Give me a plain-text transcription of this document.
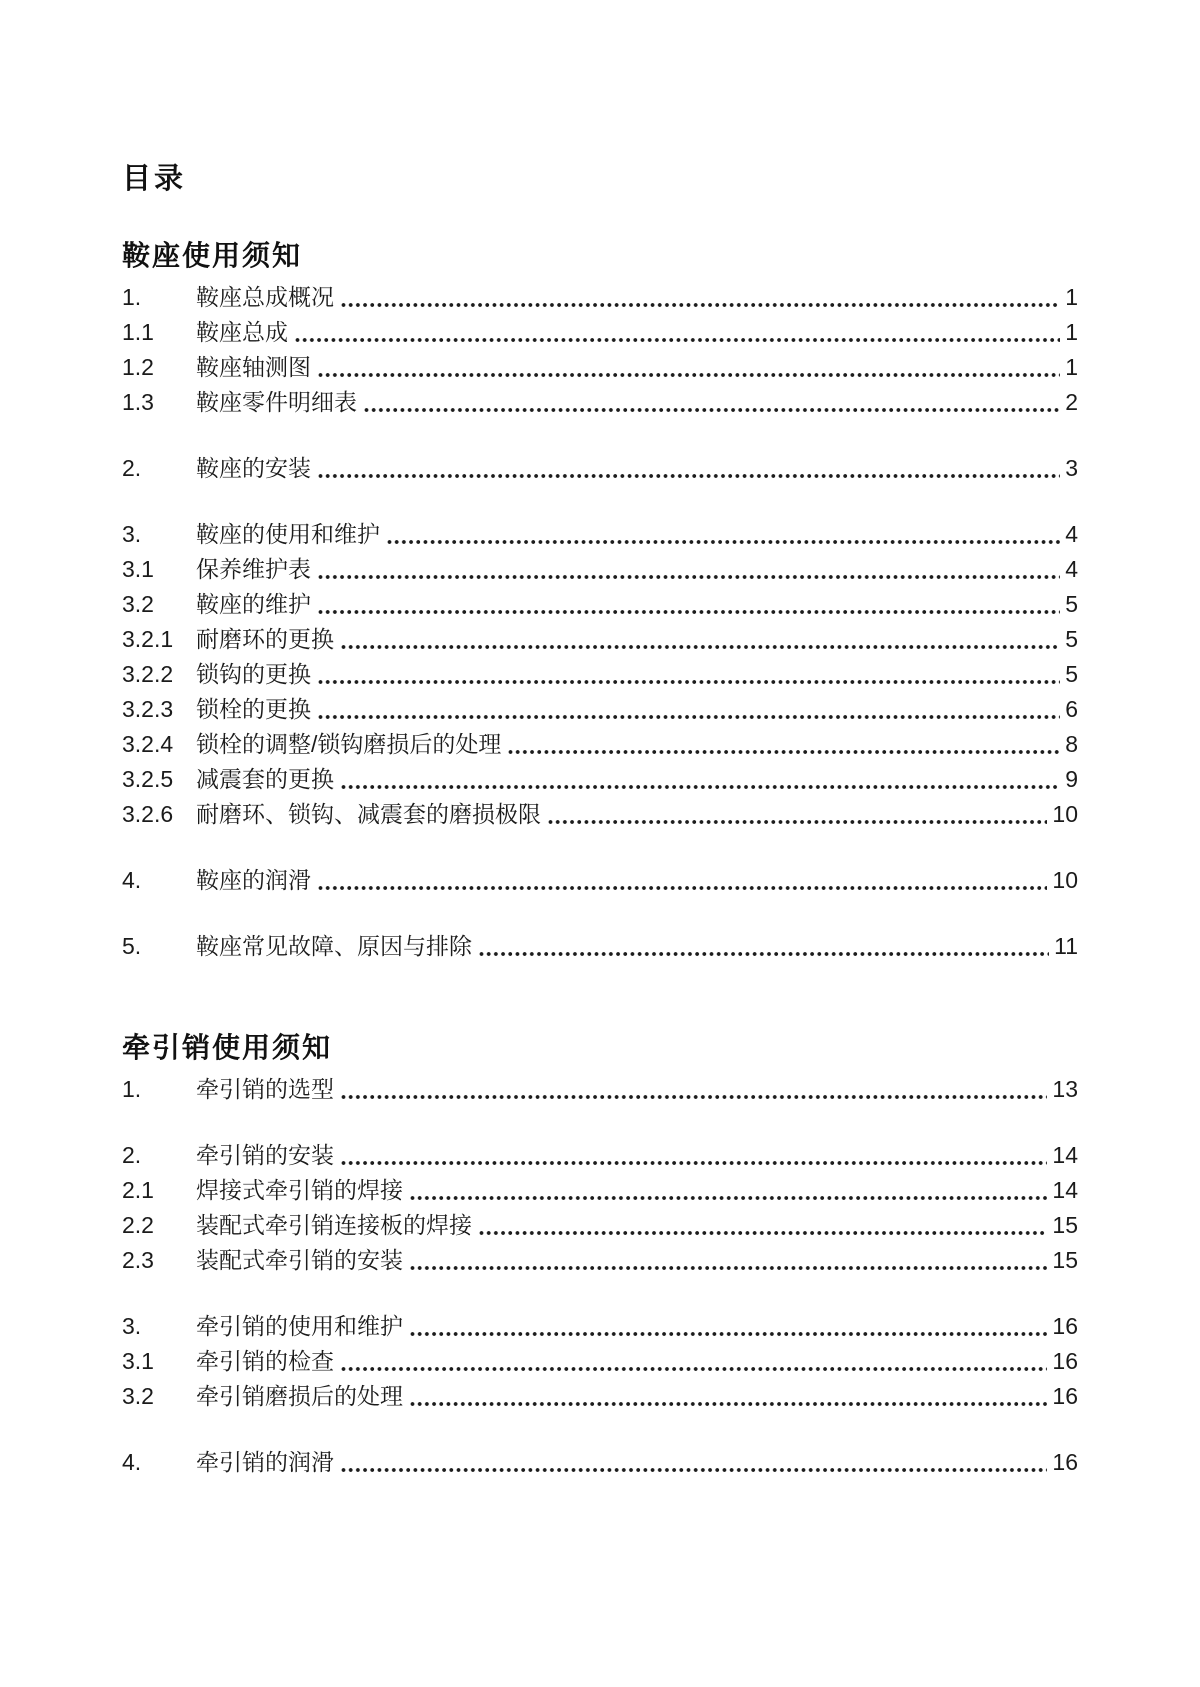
目录
鞍座使用须知
1.	鞍座总成概况	1
1.1	鞍座总成	1
1.2	鞍座轴测图	1
1.3	鞍座零件明细表	2
2.	鞍座的安装	3
3.	鞍座的使用和维护	4
3.1	保养维护表	4
3.2	鞍座的维护	5
3.2.1 耐磨环的更换	5
3.2.2 锁钩的更换	5
3.2.3 锁栓的更换	6
3.2.4 锁栓的调整/锁钩磨损后的处理	8
3.2.5 减震套的更换	9
3.2.6 耐磨环、锁钩、减震套的磨损极限	10
4.	鞍座的润滑	10
5.	鞍座常见故障、原因与排除	11
牵引销使用须知
1.	牵引销的选型	13
2.	牵引销的安装	14
2.1	焊接式牵引销的焊接	14
2.2	装配式牵引销连接板的焊接	15
2.3	装配式牵引销的安装	15
3.	牵引销的使用和维护	16
3.1	牵引销的检查	16
3.2	牵引销磨损后的处理	16
4.	牵引销的润滑	16
